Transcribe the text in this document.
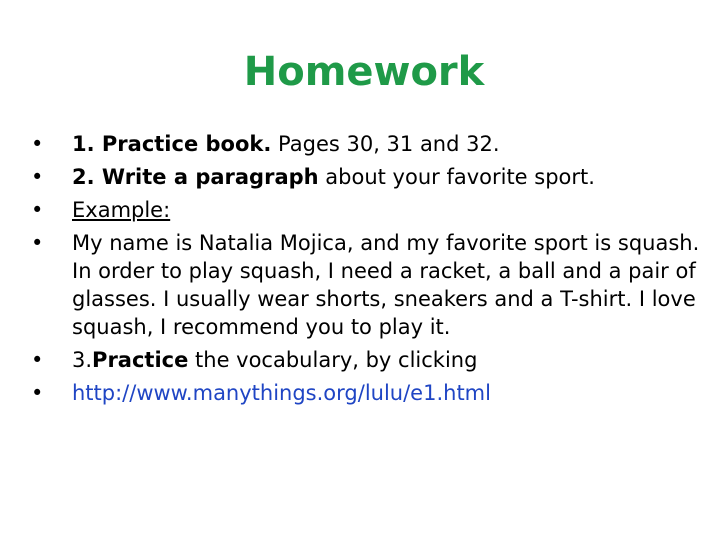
Homework
• 1. Practice book. Pages 30, 31 and 32.
• 2. Write a paragraph about your favorite sport.
• Example:
• My name is Natalia Mojica, and my favorite sport is squash. In order to play squash, I need a racket, a ball and a pair of glasses. I usually wear shorts, sneakers and a T-shirt. I love squash, I recommend you to play it.
• 3.Practice the vocabulary, by clicking
• http://www.manythings.org/lulu/e1.html
